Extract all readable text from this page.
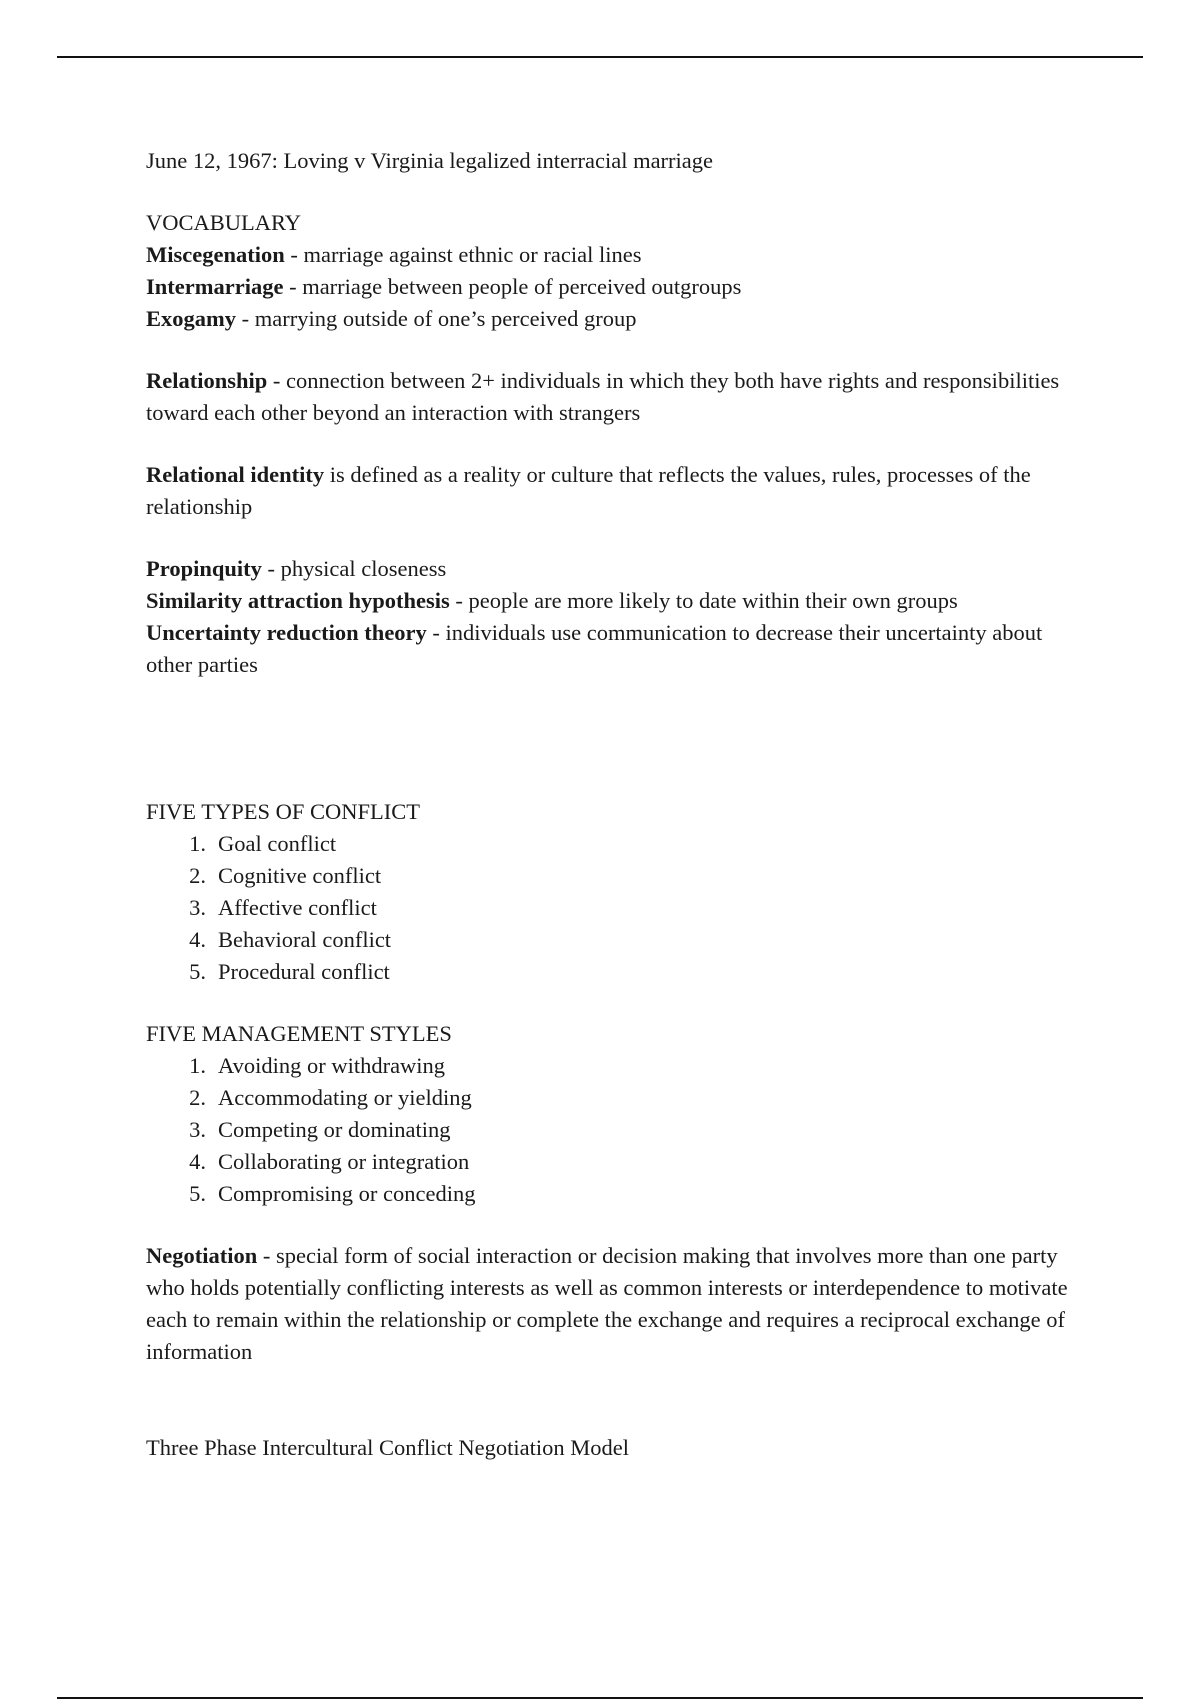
June 12, 1967: Loving v Virginia legalized interracial marriage

VOCABULARY

Miscegenation - marriage against ethnic or racial lines

Intermarriage - marriage between people of perceived outgroups

Exogamy - marrying outside of one’s perceived group

Relationship - connection between 2+ individuals in which they both have rights and responsibilities toward each other beyond an interaction with strangers

Relational identity is defined as a reality or culture that reflects the values, rules, processes of the relationship

Propinquity - physical closeness

Similarity attraction hypothesis - people are more likely to date within their own groups

Uncertainty reduction theory - individuals use communication to decrease their uncertainty about other parties

FIVE TYPES OF CONFLICT

1. Goal conflict
2. Cognitive conflict
3. Affective conflict
4. Behavioral conflict
5. Procedural conflict

FIVE MANAGEMENT STYLES

1. Avoiding or withdrawing
2. Accommodating or yielding
3. Competing or dominating
4. Collaborating or integration
5. Compromising or conceding

Negotiation - special form of social interaction or decision making that involves more than one party who holds potentially conflicting interests as well as common interests or interdependence to motivate each to remain within the relationship or complete the exchange and requires a reciprocal exchange of information

Three Phase Intercultural Conflict Negotiation Model
